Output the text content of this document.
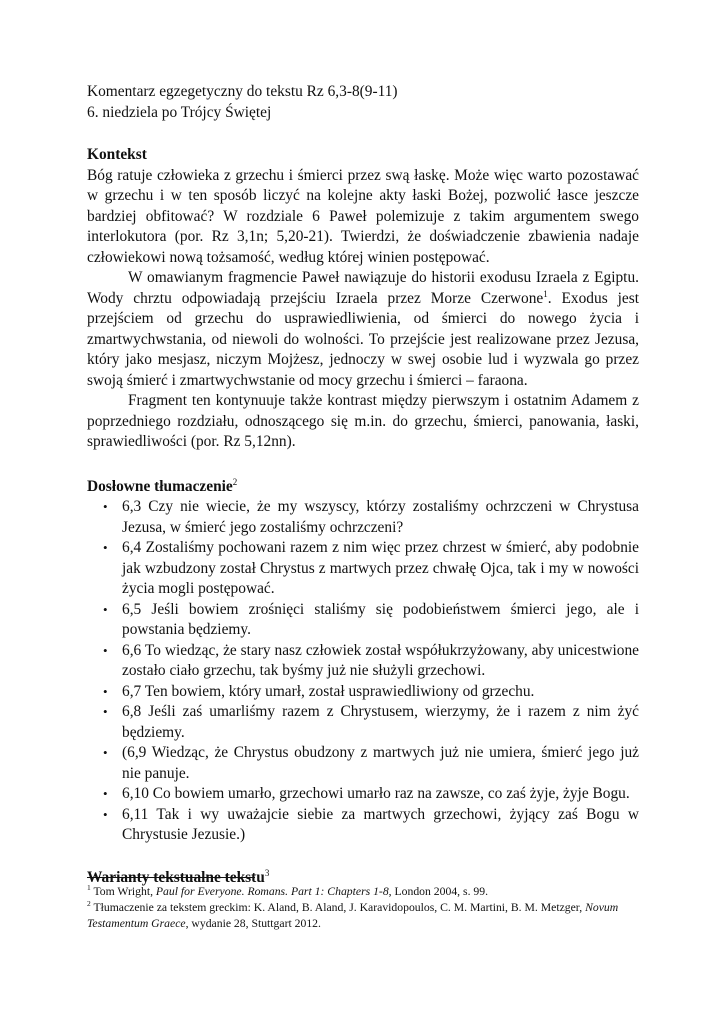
Komentarz egzegetyczny do tekstu Rz 6,3-8(9-11)

6. niedziela po Trójcy Świętej

Kontekst

Bóg ratuje człowieka z grzechu i śmierci przez swą łaskę. Może więc warto pozostawać w grzechu i w ten sposób liczyć na kolejne akty łaski Bożej, pozwolić łasce jeszcze bardziej obfitować? W rozdziale 6 Paweł polemizuje z takim argumentem swego interlokutora (por. Rz 3,1n; 5,20-21). Twierdzi, że doświadczenie zbawienia nadaje człowiekowi nową tożsamość, według której winien postępować.

W omawianym fragmencie Paweł nawiązuje do historii exodusu Izraela z Egiptu. Wody chrztu odpowiadają przejściu Izraela przez Morze Czerwone$^1$. Exodus jest przejściem od grzechu do usprawiedliwienia, od śmierci do nowego życia i zmartwychwstania, od niewoli do wolności. To przejście jest realizowane przez Jezusa, który jako mesjasz, niczym Mojżesz, jednoczy w swej osobie lud i wyzwala go przez swoją śmierć i zmartwychwstanie od mocy grzechu i śmierci – faraona.

Fragment ten kontynuuje także kontrast między pierwszym i ostatnim Adamem z poprzedniego rozdziału, odnoszącego się m.in. do grzechu, śmierci, panowania, łaski, sprawiedliwości (por. Rz 5,12nn).

Dosłowne tłumaczenie$^2$

• 6,3 Czy nie wiecie, że my wszyscy, którzy zostaliśmy ochrzczeni w Chrystusa Jezusa, w śmierć jego zostaliśmy ochrzczeni?
• 6,4 Zostaliśmy pochowani razem z nim więc przez chrzest w śmierć, aby podobnie jak wzbudzony został Chrystus z martwych przez chwałę Ojca, tak i my w nowości życia mogli postępować.
• 6,5 Jeśli bowiem zrośnięci staliśmy się podobieństwem śmierci jego, ale i powstania będziemy.
• 6,6 To wiedząc, że stary nasz człowiek został współukrzyżowany, aby unicestwione zostało ciało grzechu, tak byśmy już nie służyli grzechowi.
• 6,7 Ten bowiem, który umarł, został usprawiedliwiony od grzechu.
• 6,8 Jeśli zaś umarliśmy razem z Chrystusem, wierzymy, że i razem z nim żyć będziemy.
• (6,9 Wiedząc, że Chrystus obudzony z martwych już nie umiera, śmierć jego już nie panuje.
• 6,10 Co bowiem umarło, grzechowi umarło raz na zawsze, co zaś żyje, żyje Bogu.
• 6,11 Tak i wy uważajcie siebie za martwych grzechowi, żyjący zaś Bogu w Chrystusie Jezusie.)

Warianty tekstualne tekstu$^3$

$^1$ Tom Wright, Paul for Everyone. Romans. Part 1: Chapters 1-8, London 2004, s. 99.

$^2$ Tłumaczenie za tekstem greckim: K. Aland, B. Aland, J. Karavidopoulos, C. M. Martini, B. M. Metzger, Novum Testamentum Graece, wydanie 28, Stuttgart 2012.
